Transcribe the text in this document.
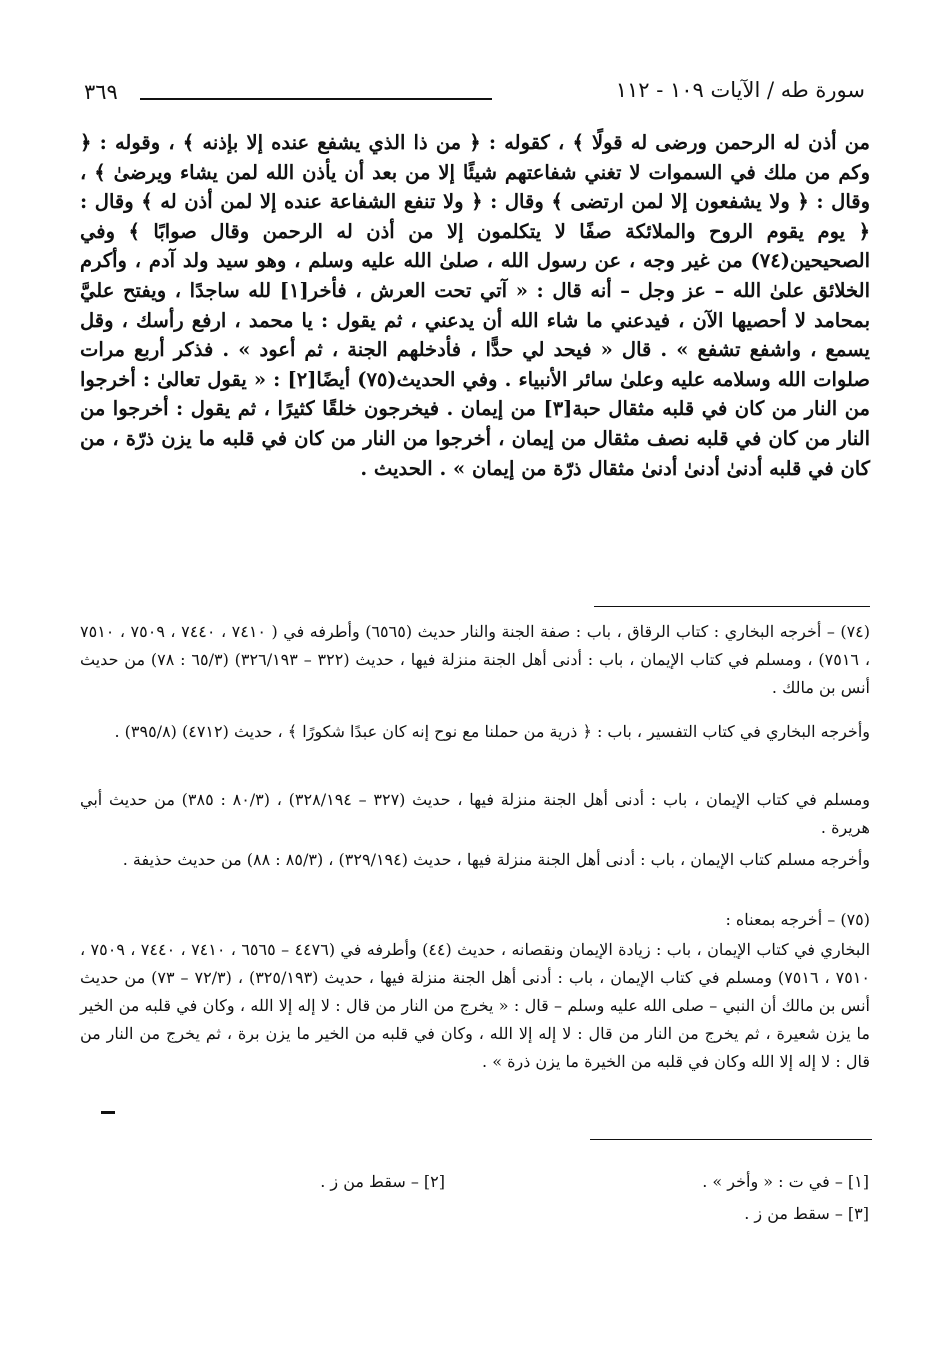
سورة طه / الآيات ١٠٩ - ١١٢
٣٦٩

من أذن له الرحمن ورضى له قولًا ﴾ ، كقوله : ﴿ من ذا الذي يشفع عنده إلا بإذنه ﴾ ، وقوله : ﴿ وكم من ملك في السموات لا تغني شفاعتهم شيئًا إلا من بعد أن يأذن الله لمن يشاء ويرضىٰ ﴾ ، وقال : ﴿ ولا يشفعون إلا لمن ارتضى ﴾ وقال : ﴿ ولا تنفع الشفاعة عنده إلا لمن أذن له ﴾ وقال : ﴿ يوم يقوم الروح والملائكة صفًا لا يتكلمون إلا من أذن له الرحمن وقال صوابًا ﴾ وفي الصحيحين(٧٤) من غير وجه ، عن رسول الله ، صلىٰ الله عليه وسلم ، وهو سيد ولد آدم ، وأكرم الخلائق علىٰ الله – عز وجل – أنه قال : « آتي تحت العرش ، فأخر[١] لله ساجدًا ، ويفتح عليَّ بمحامد لا أحصيها الآن ، فيدعني ما شاء الله أن يدعني ، ثم يقول : يا محمد ، ارفع رأسك ، وقل يسمع ، واشفع تشفع » . قال « فيحد لي حدًّا ، فأدخلهم الجنة ، ثم أعود » . فذكر أربع مرات صلوات الله وسلامه عليه وعلىٰ سائر الأنبياء . وفي الحديث(٧٥) أيضًا[٢] : « يقول تعالىٰ : أخرجوا من النار من كان في قلبه مثقال حبة[٣] من إيمان . فيخرجون خلقًا كثيرًا ، ثم يقول : أخرجوا من النار من كان في قلبه نصف مثقال من إيمان ، أخرجوا من النار من كان في قلبه ما يزن ذرّة ، من كان في قلبه أدنىٰ أدنىٰ أدنىٰ مثقال ذرّة من إيمان » . الحديث .

(٧٤) – أخرجه البخاري : كتاب الرقاق ، باب : صفة الجنة والنار حديث (٦٥٦٥) وأطرفه في ( ٧٤١٠ ، ٧٤٤٠ ، ٧٥٠٩ ، ٧٥١٠ ، ٧٥١٦) ، ومسلم في كتاب الإيمان ، باب : أدنى أهل الجنة منزلة فيها ، حديث (٣٢٢ – ٣٢٦/١٩٣) (٦٥/٣ : ٧٨) من حديث أنس بن مالك .

وأخرجه البخاري في كتاب التفسير ، باب : ﴿ ذرية من حملنا مع نوح إنه كان عبدًا شكورًا ﴾ ، حديث (٤٧١٢) (٣٩٥/٨) .

ومسلم في كتاب الإيمان ، باب : أدنى أهل الجنة منزلة فيها ، حديث (٣٢٧ – ٣٢٨/١٩٤) ، (٨٠/٣ : ٣٨٥) من حديث أبي هريرة .

وأخرجه مسلم كتاب الإيمان ، باب : أدنى أهل الجنة منزلة فيها ، حديث (٣٢٩/١٩٤) ، (٨٥/٣ : ٨٨) من حديث حذيفة .

(٧٥) – أخرجه بمعناه :

البخاري في كتاب الإيمان ، باب : زيادة الإيمان ونقصانه ، حديث (٤٤) وأطرفه في (٤٤٧٦ – ٦٥٦٥ ، ٧٤١٠ ، ٧٤٤٠ ، ٧٥٠٩ ، ٧٥١٠ ، ٧٥١٦) ومسلم في كتاب الإيمان ، باب : أدنى أهل الجنة منزلة فيها ، حديث (٣٢٥/١٩٣) ، (٧٢/٣ – ٧٣) من حديث أنس بن مالك أن النبي – صلى الله عليه وسلم – قال : « يخرج من النار من قال : لا إله إلا الله ، وكان في قلبه من الخير ما يزن شعيرة ، ثم يخرج من النار من قال : لا إله إلا الله ، وكان في قلبه من الخير ما يزن برة ، ثم يخرج من النار من قال : لا إله إلا الله وكان في قلبه من الخيرة ما يزن ذرة » .

[١] – في ت : « وأخر » .
[٢] – سقط من ز .
[٣] – سقط من ز .
